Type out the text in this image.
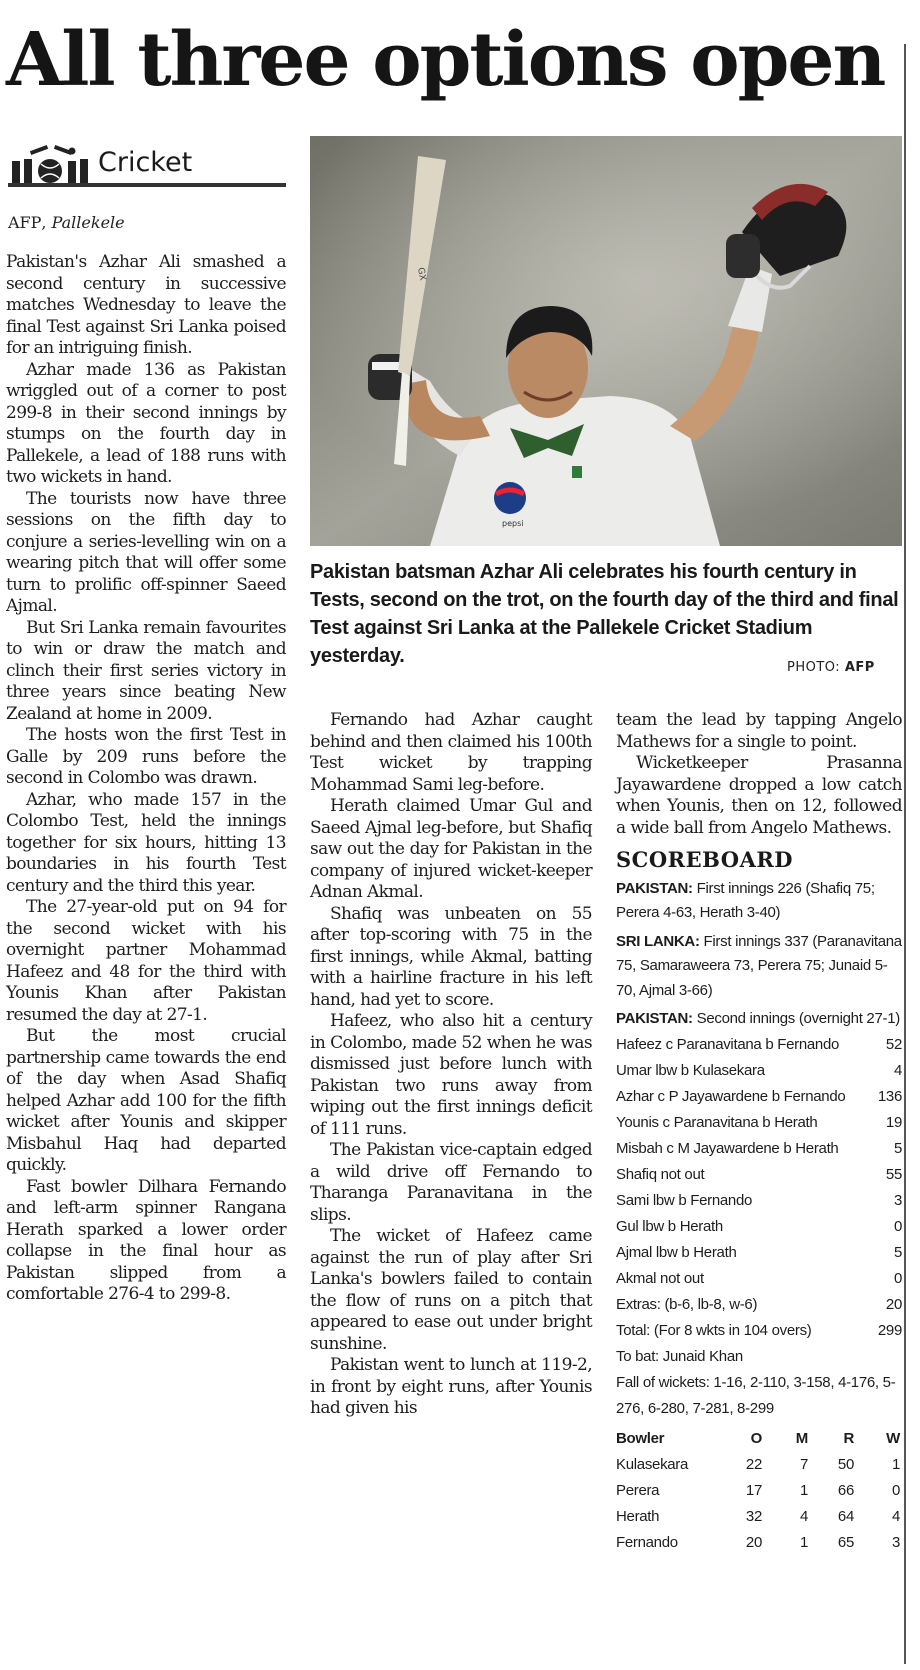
All three options open
Cricket
AFP, Pallekele

Pakistan's Azhar Ali smashed a second century in successive matches Wednesday to leave the final Test against Sri Lanka poised for an intriguing finish.

Azhar made 136 as Pakistan wriggled out of a corner to post 299-8 in their second innings by stumps on the fourth day in Pallekele, a lead of 188 runs with two wickets in hand.

The tourists now have three sessions on the fifth day to conjure a series-levelling win on a wearing pitch that will offer some turn to prolific off-spinner Saeed Ajmal.

But Sri Lanka remain favourites to win or draw the match and clinch their first series victory in three years since beating New Zealand at home in 2009.

The hosts won the first Test in Galle by 209 runs before the second in Colombo was drawn.

Azhar, who made 157 in the Colombo Test, held the innings together for six hours, hitting 13 boundaries in his fourth Test century and the third this year.

The 27-year-old put on 94 for the second wicket with his overnight partner Mohammad Hafeez and 48 for the third with Younis Khan after Pakistan resumed the day at 27-1.

But the most crucial partnership came towards the end of the day when Asad Shafiq helped Azhar add 100 for the fifth wicket after Younis and skipper Misbahul Haq had departed quickly.

Fast bowler Dilhara Fernando and left-arm spinner Rangana Herath sparked a lower order collapse in the final hour as Pakistan slipped from a comfortable 276-4 to 299-8.

GX
pepsi
Pakistan batsman Azhar Ali celebrates his fourth century in Tests, second on the trot, on the fourth day of the third and final Test against Sri Lanka at the Pallekele Cricket Stadium yesterday.
PHOTO: AFP

Fernando had Azhar caught behind and then claimed his 100th Test wicket by trapping Mohammad Sami leg-before.

Herath claimed Umar Gul and Saeed Ajmal leg-before, but Shafiq saw out the day for Pakistan in the company of injured wicket-keeper Adnan Akmal.

Shafiq was unbeaten on 55 after top-scoring with 75 in the first innings, while Akmal, batting with a hairline fracture in his left hand, had yet to score.

Hafeez, who also hit a century in Colombo, made 52 when he was dismissed just before lunch with Pakistan two runs away from wiping out the first innings deficit of 111 runs.

The Pakistan vice-captain edged a wild drive off Fernando to Tharanga Paranavitana in the slips.

The wicket of Hafeez came against the run of play after Sri Lanka's bowlers failed to contain the flow of runs on a pitch that appeared to ease out under bright sunshine.

Pakistan went to lunch at 119-2, in front by eight runs, after Younis had given his

team the lead by tapping Angelo Mathews for a single to point.

Wicketkeeper Prasanna Jayawardene dropped a low catch when Younis, then on 12, followed a wide ball from Angelo Mathews.

SCOREBOARD
PAKISTAN: First innings 226 (Shafiq 75; Perera 4-63, Herath 3-40)
SRI LANKA: First innings 337 (Paranavitana 75, Samaraweera 73, Perera 75; Junaid 5-70, Ajmal 3-66)
PAKISTAN: Second innings (overnight 27-1)
Hafeez c Paranavitana b Fernando	52
Umar lbw b Kulasekara	4
Azhar c P Jayawardene b Fernando 136
Younis c Paranavitana b Herath	19
Misbah c M Jayawardene b Herath	5
Shafiq not out	55
Sami lbw b Fernando	3
Gul lbw b Herath	0
Ajmal lbw b Herath	5
Akmal not out	0
Extras: (b-6, lb-8, w-6)	20
Total: (For 8 wkts in 104 overs)	299
To bat: Junaid Khan
Fall of wickets: 1-16, 2-110, 3-158, 4-176, 5-276, 6-280, 7-281, 8-299
Bowler	O	M	R	W
Kulasekara	22	7	50	1
Perera	17	1	66	0
Herath	32	4	64	4
Fernando	20	1	65	3
